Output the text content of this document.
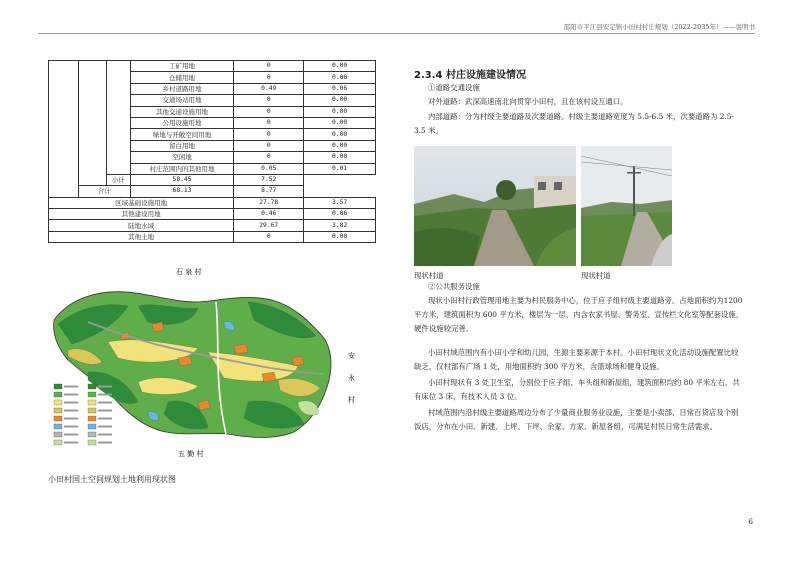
邵阳市平江县安定镇小田村村庄规划（2022-2035年）——说明书
			工矿用地	0	0.00
			仓储用地	0	0.00
			乡村道路用地	0.49	0.06
			交通场站用地	0	0.00
			其他交通设施用地	0	0.00
			公用设施用地	0	0.00
			绿地与开敞空间用地	0	0.00
			留白用地	0	0.00
			空闲地	0	0.00
			村庄范围内的其他用地	0.05	0.01
		小计	58.45	7.52	
	合计		68.13	8.77	
区域基础设施用地				27.78	3.57
其他建设用地				0.46	0.06
陆地水域				29.67	3.82
其他土地				0	0.00
石 泉 村
安永村
五 勤 村
小田村国土空间规划土地利用现状图
2.3.4 村庄设施建设情况

①道路交通设施

对外道路：武深高速南北向贯穿小田村，且在该村设互通口。

内部道路：分为村级主要道路及次要道路。村级主要道路宽度为 5.5-6.5 米，次要道路为 2.5-3.5 米。

现状村道	现状村道

②公共服务设施

现状小田村行政管理用地主要为村民服务中心，位于应子组村级主要道路旁。占地面积约为1200 平方米，建筑面积为 600 平方米，楼层为一层，内含农家书屋、警务室、宣传栏文化室等配套设施，硬件设施较完善。

小田村域范围内有小田小学和幼儿园，生源主要来源于本村。小田村现状文化活动设施配置比较缺乏，仅村部有广场 1 处，用地面积约 300 平方米，含篮球场和健身设施。

小田村现状有 3 处卫生室，分别位于应子组、车头组和新屋组，建筑面积均约 80 平米左右，共有床位 3 床，有技术人员 3 位。

村域范围内沿村级主要道路周边分布了少量商业服务业设施，主要是小卖部、日常百货店及个别饭店，分布在小田、新建、上坪、下坪、余家、方家、新屋各组，可满足村民日常生活需求。

6
